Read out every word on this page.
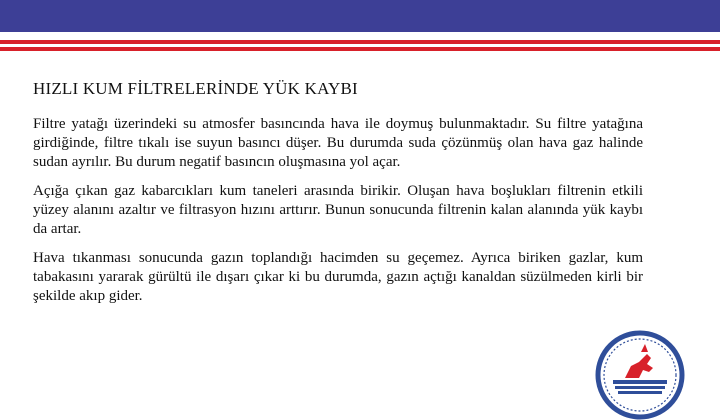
HIZLI KUM FİLTRELERİNDE YÜK KAYBI

Filtre yatağı üzerindeki su atmosfer basıncında hava ile doymuş bulunmaktadır. Su filtre yatağına girdiğinde, filtre tıkalı ise suyun basıncı düşer. Bu durumda suda çözünmüş olan hava gaz halinde sudan ayrılır. Bu durum negatif basıncın oluşmasına yol açar.

Açığa çıkan gaz kabarcıkları kum taneleri arasında birikir. Oluşan hava boşlukları filtrenin etkili yüzey alanını azaltır ve filtrasyon hızını arttırır. Bunun sonucunda filtrenin kalan alanında yük kaybı da artar.

Hava tıkanması sonucunda gazın toplandığı hacimden su geçemez. Ayrıca biriken gazlar, kum tabakasını yararak gürültü ile dışarı çıkar ki bu durumda, gazın açtığı kanaldan süzülmeden kirli bir şekilde akıp gider.
